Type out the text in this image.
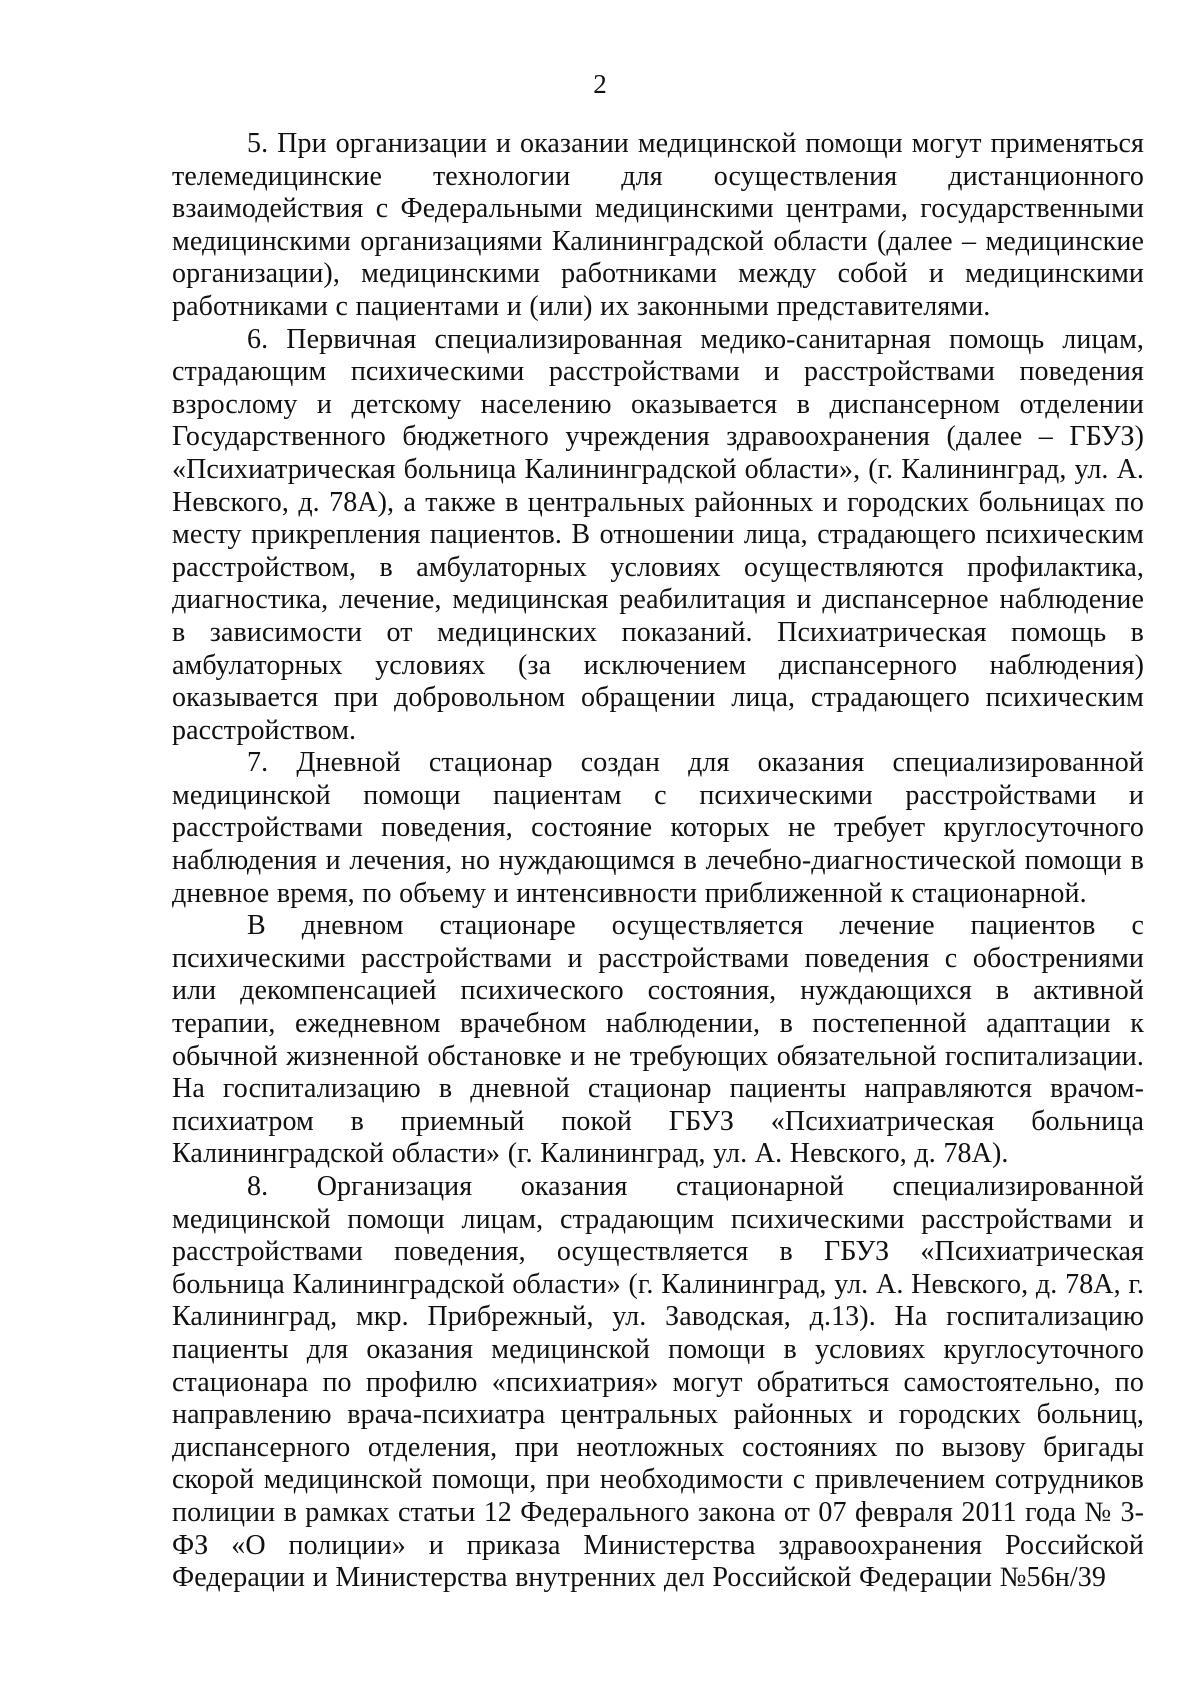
2

5. При организации и оказании медицинской помощи могут применяться телемедицинские технологии для осуществления дистанционного взаимодействия с Федеральными медицинскими центрами, государственными медицинскими организациями Калининградской области (далее – медицинские организации), медицинскими работниками между собой и медицинскими работниками с пациентами и (или) их законными представителями.

6. Первичная специализированная медико-санитарная помощь лицам, страдающим психическими расстройствами и расстройствами поведения взрослому и детскому населению оказывается в диспансерном отделении Государственного бюджетного учреждения здравоохранения (далее – ГБУЗ) «Психиатрическая больница Калининградской области», (г. Калининград, ул. А. Невского, д. 78А), а также в центральных районных и городских больницах по месту прикрепления пациентов. В отношении лица, страдающего психическим расстройством, в амбулаторных условиях осуществляются профилактика, диагностика, лечение, медицинская реабилитация и диспансерное наблюдение в зависимости от медицинских показаний. Психиатрическая помощь в амбулаторных условиях (за исключением диспансерного наблюдения) оказывается при добровольном обращении лица, страдающего психическим расстройством.

7. Дневной стационар создан для оказания специализированной медицинской помощи пациентам с психическими расстройствами и расстройствами поведения, состояние которых не требует круглосуточного наблюдения и лечения, но нуждающимся в лечебно-диагностической помощи в дневное время, по объему и интенсивности приближенной к стационарной.

В дневном стационаре осуществляется лечение пациентов с психическими расстройствами и расстройствами поведения с обострениями или декомпенсацией психического состояния, нуждающихся в активной терапии, ежедневном врачебном наблюдении, в постепенной адаптации к обычной жизненной обстановке и не требующих обязательной госпитализации. На госпитализацию в дневной стационар пациенты направляются врачом-психиатром в приемный покой ГБУЗ «Психиатрическая больница Калининградской области» (г. Калининград, ул. А. Невского, д. 78А).

8. Организация оказания стационарной специализированной медицинской помощи лицам, страдающим психическими расстройствами и расстройствами поведения, осуществляется в ГБУЗ «Психиатрическая больница Калининградской области» (г. Калининград, ул. А. Невского, д. 78А, г. Калининград, мкр. Прибрежный, ул. Заводская, д.13). На госпитализацию пациенты для оказания медицинской помощи в условиях круглосуточного стационара по профилю «психиатрия» могут обратиться самостоятельно, по направлению врача-психиатра центральных районных и городских больниц, диспансерного отделения, при неотложных состояниях по вызову бригады скорой медицинской помощи, при необходимости с привлечением сотрудников полиции в рамках статьи 12 Федерального закона от 07 февраля 2011 года № 3-ФЗ «О полиции» и приказа Министерства здравоохранения Российской Федерации и Министерства внутренних дел Российской Федерации №56н/39
